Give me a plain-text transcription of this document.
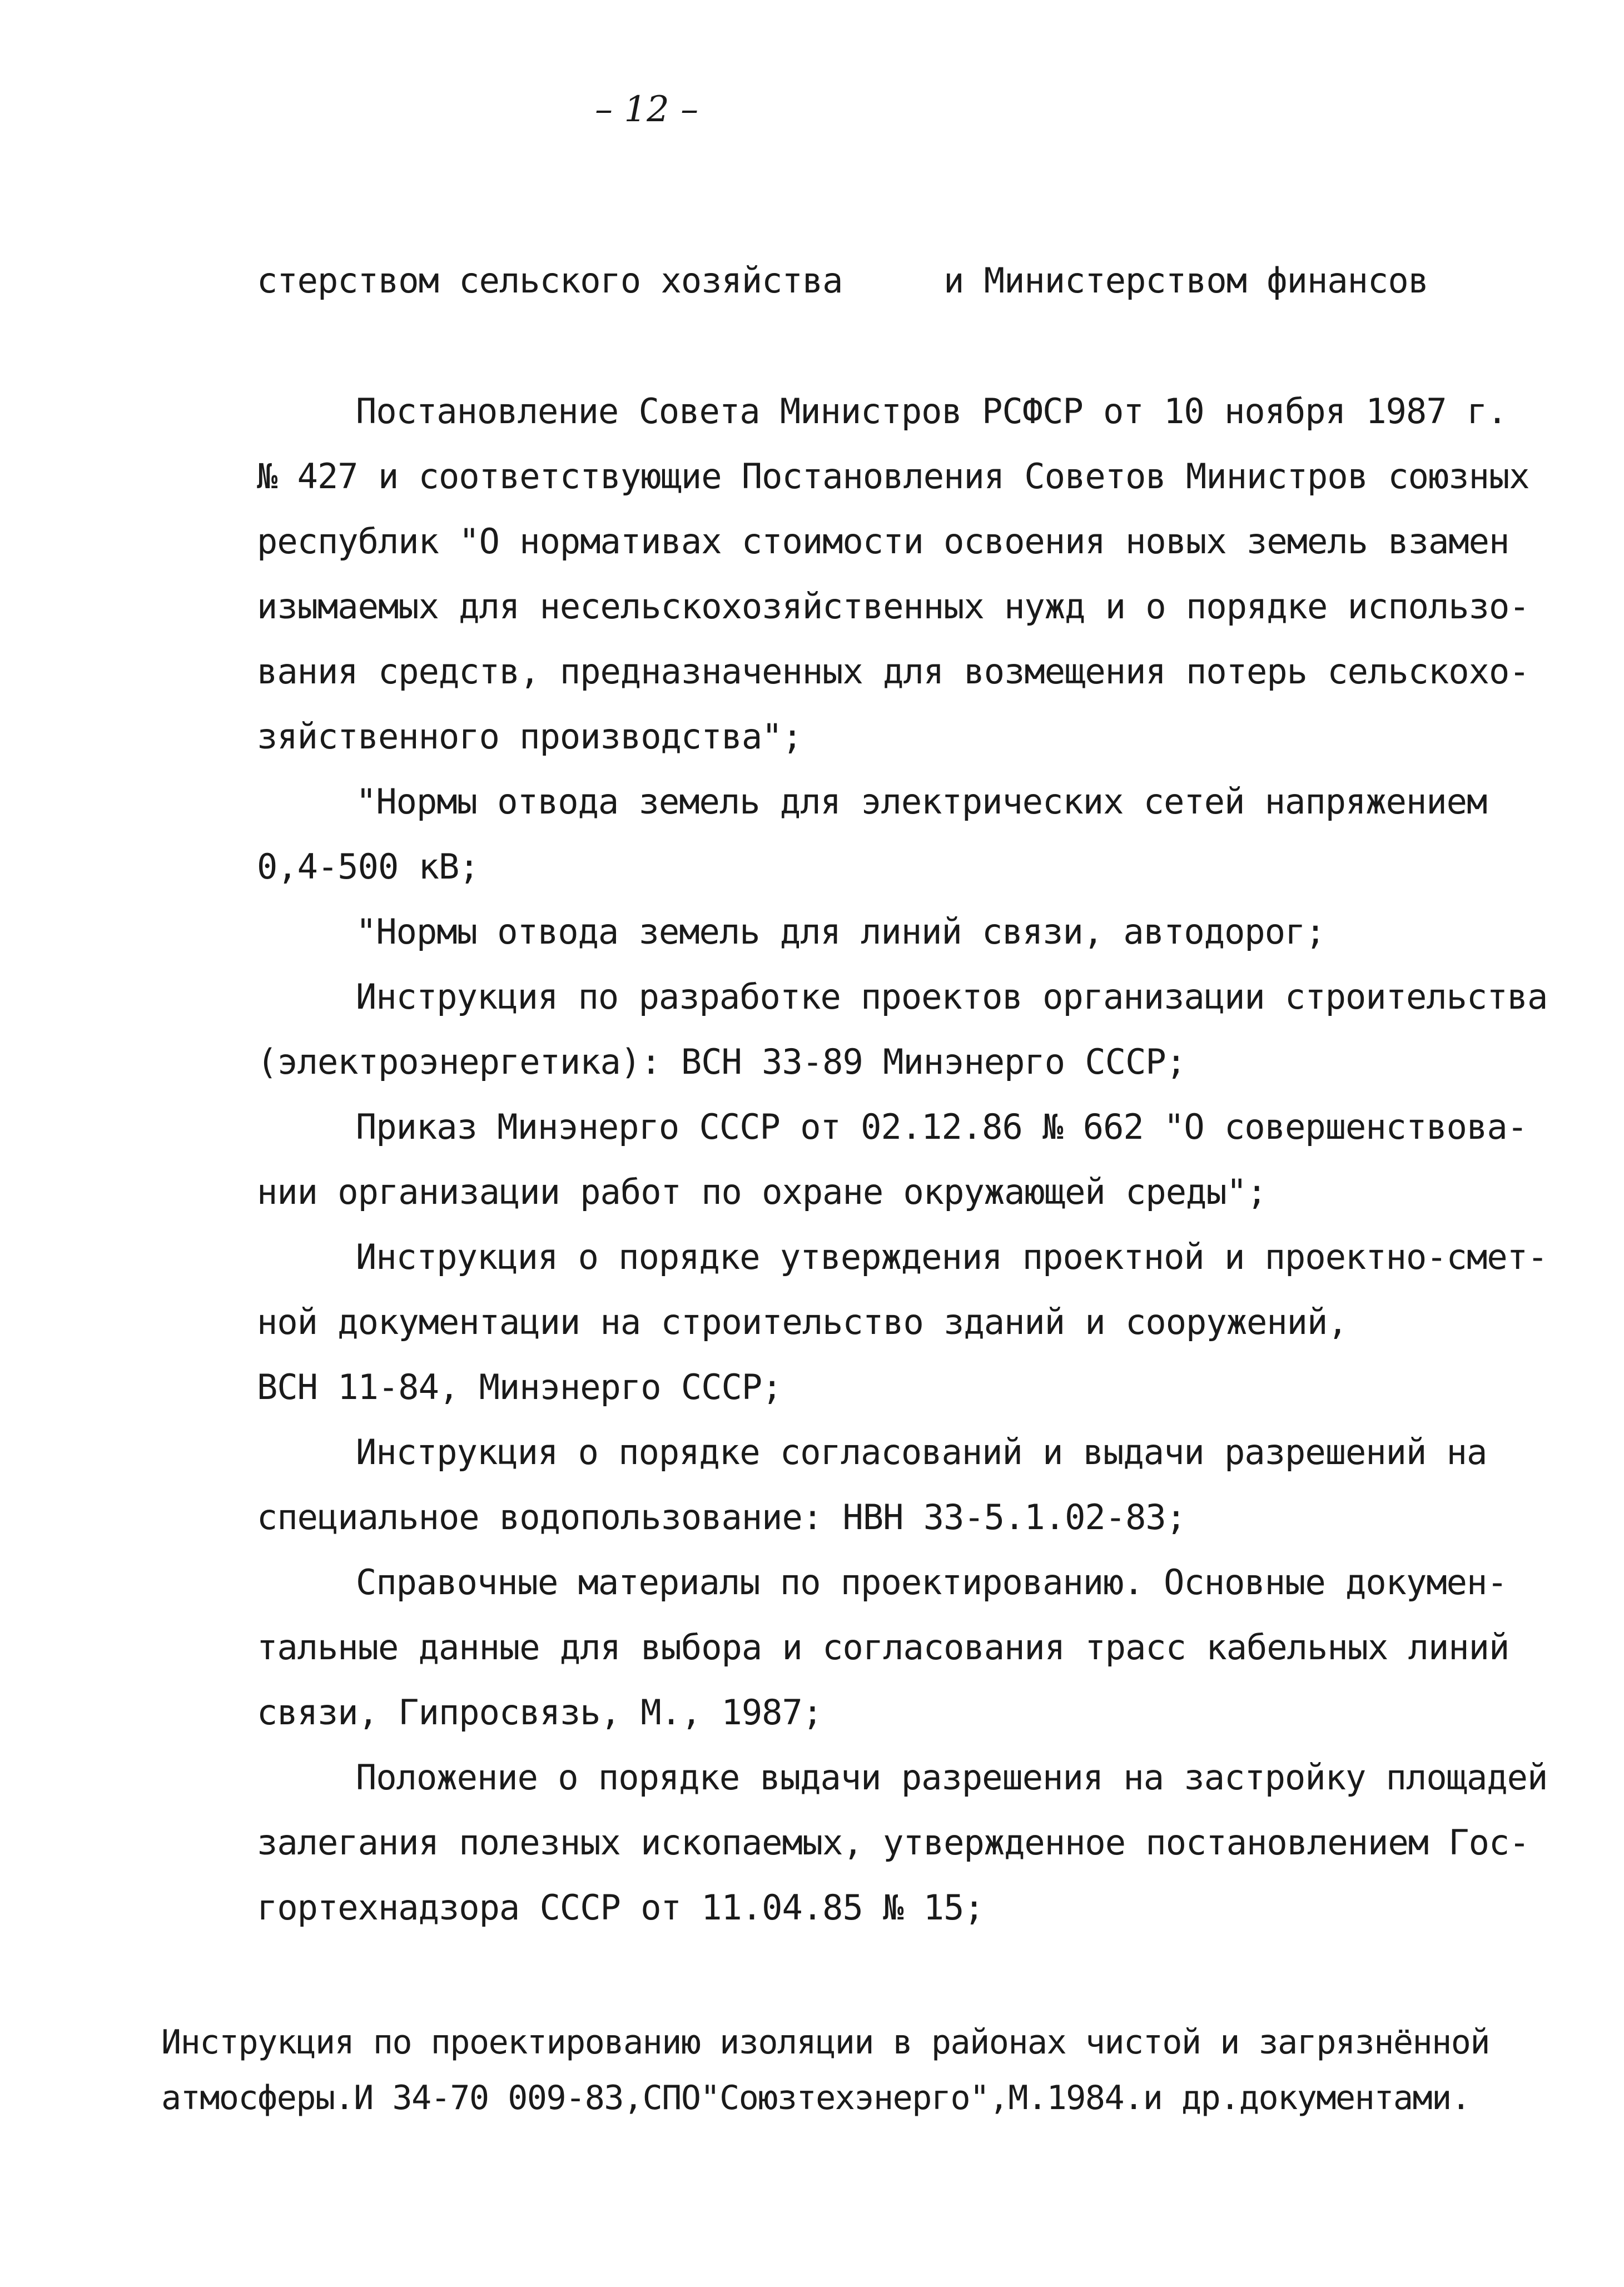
– 12 –

стерством сельского хозяйства     и Министерством финансов

Постановление Совета Министров РСФСР от 10 ноября 1987 г.

№ 427 и соответствующие Постановления Советов Министров союзных

республик "О нормативах стоимости освоения новых земель взамен

изымаемых для несельскохозяйственных нужд и о порядке использо-

вания средств, предназначенных для возмещения потерь сельскохо-

зяйственного производства";

"Нормы отвода земель для электрических сетей напряжением

0,4-500 кВ;

"Нормы отвода земель для линий связи, автодорог;

Инструкция по разработке проектов организации строительства

(электроэнергетика): ВСН 33-89 Минэнерго СССР;

Приказ Минэнерго СССР от 02.12.86 № 662 "О совершенствова-

нии организации работ по охране окружающей среды";

Инструкция о порядке утверждения проектной и проектно-смет-

ной документации на строительство зданий и сооружений,

ВСН 11-84, Минэнерго СССР;

Инструкция о порядке согласований и выдачи разрешений на

специальное водопользование: НВН 33-5.1.02-83;

Справочные материалы по проектированию. Основные докумен-

тальные данные для выбора и согласования трасс кабельных линий

связи, Гипросвязь, М., 1987;

Положение о порядке выдачи разрешения на застройку площадей

залегания полезных ископаемых, утвержденное постановлением Гос-

гортехнадзора СССР от 11.04.85 № 15;

Инструкция по проектированию изоляции в районах чистой и загрязнённой

атмосферы.И 34-70 009-83,СПО"Союзтехэнерго",М.1984.и др.документами.
